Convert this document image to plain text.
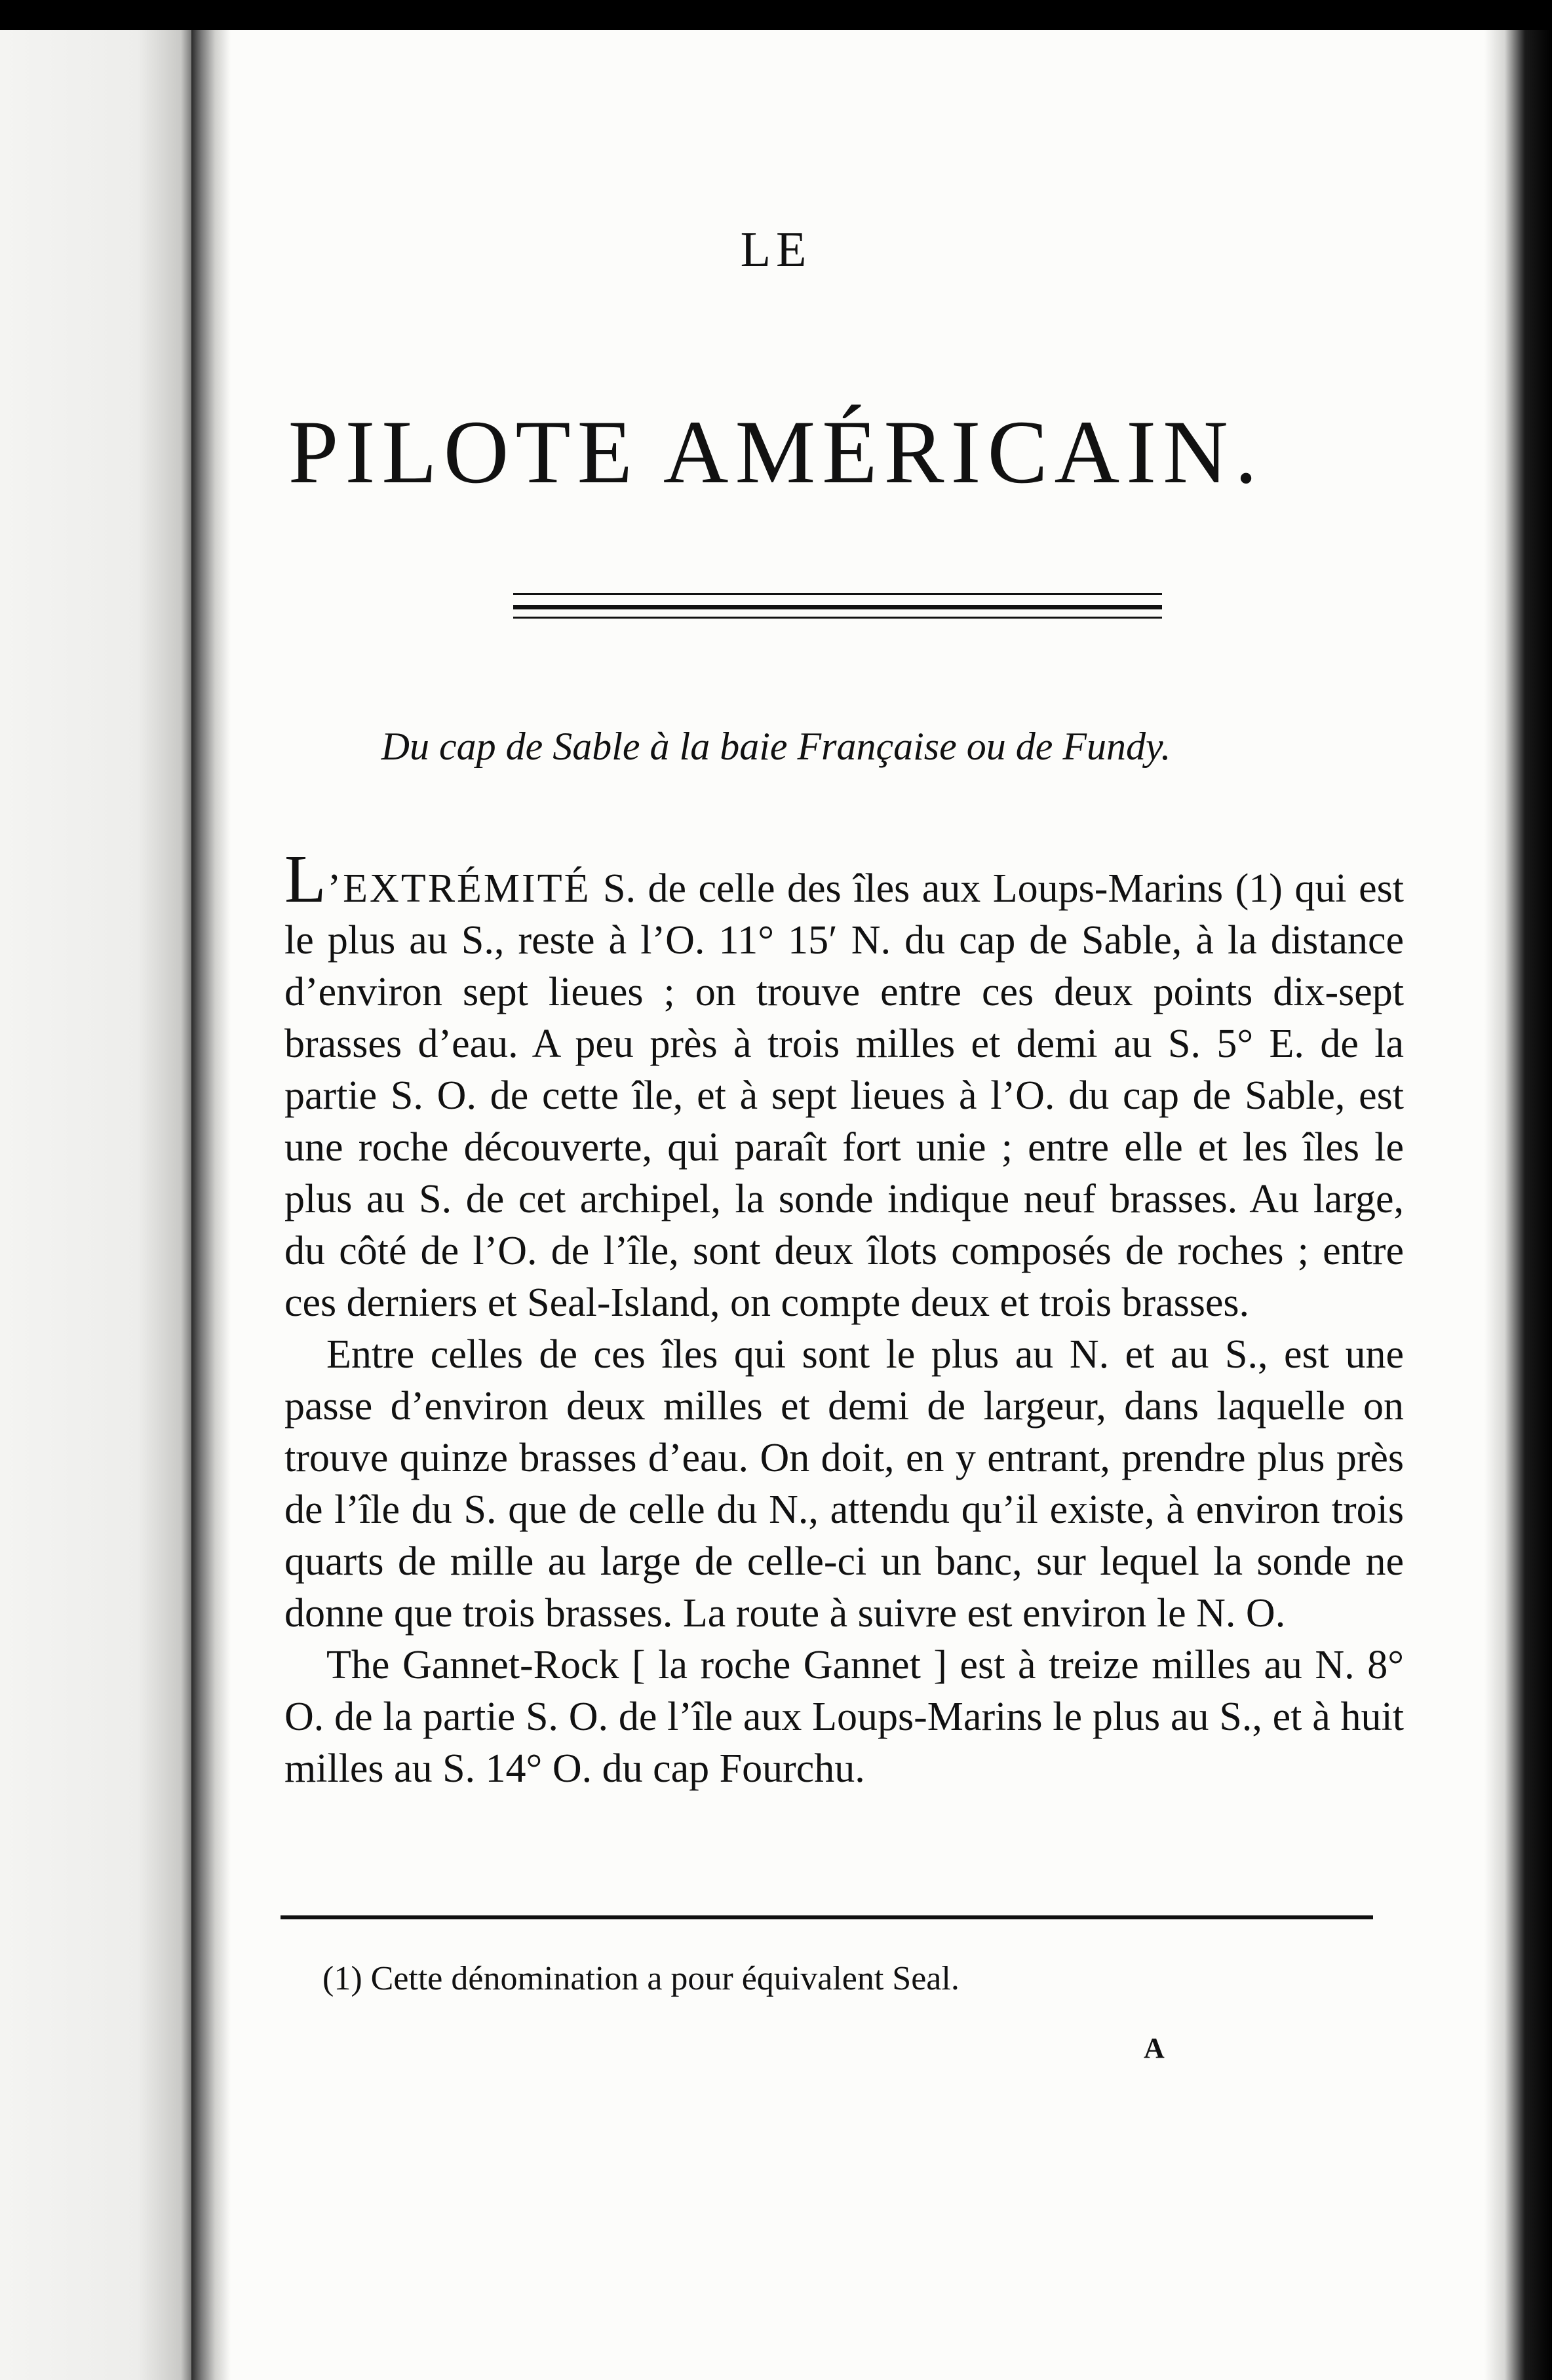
LE
PILOTE AMÉRICAIN.
Du cap de Sable à la baie Française ou de Fundy.

L’EXTRÉMITÉ S. de celle des îles aux Loups-Marins (1) qui est le plus au S., reste à l’O. 11° 15′ N. du cap de Sable, à la distance d’environ sept lieues ; on trouve entre ces deux points dix-sept brasses d’eau. A peu près à trois milles et demi au S. 5° E. de la partie S. O. de cette île, et à sept lieues à l’O. du cap de Sable, est une roche découverte, qui paraît fort unie ; entre elle et les îles le plus au S. de cet archipel, la sonde indique neuf brasses. Au large, du côté de l’O. de l’île, sont deux îlots composés de roches ; entre ces derniers et Seal-Island, on compte deux et trois brasses.

Entre celles de ces îles qui sont le plus au N. et au S., est une passe d’environ deux milles et demi de largeur, dans laquelle on trouve quinze brasses d’eau. On doit, en y entrant, prendre plus près de l’île du S. que de celle du N., attendu qu’il existe, à environ trois quarts de mille au large de celle-ci un banc, sur lequel la sonde ne donne que trois brasses. La route à suivre est environ le N. O.

The Gannet-Rock [ la roche Gannet ] est à treize milles au N. 8° O. de la partie S. O. de l’île aux Loups-Marins le plus au S., et à huit milles au S. 14° O. du cap Fourchu.

(1) Cette dénomination a pour équivalent Seal.
A
